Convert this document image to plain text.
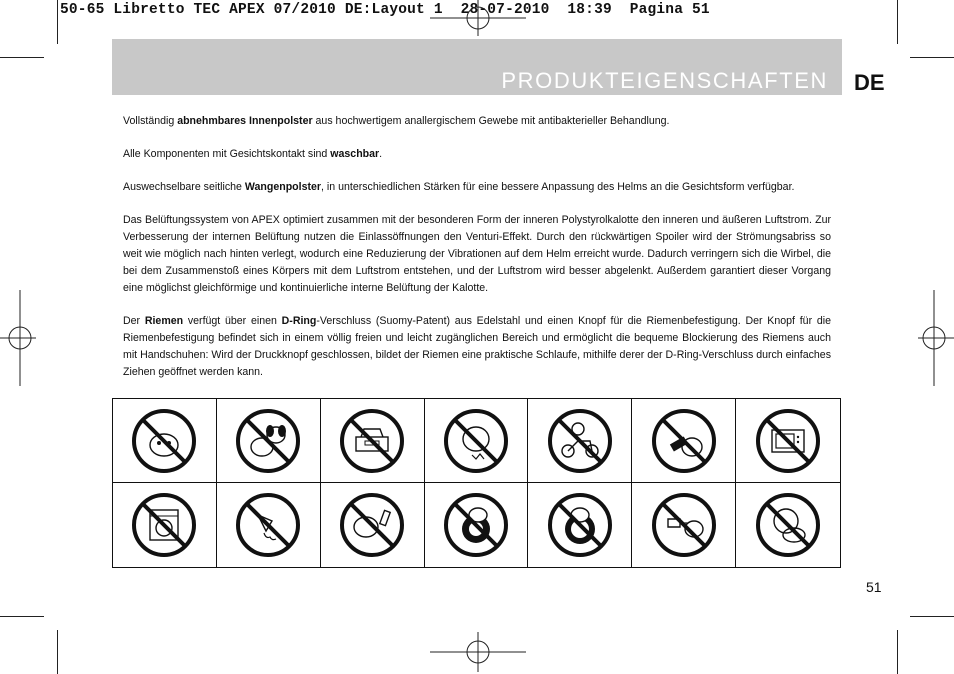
50-65 Libretto TEC APEX 07/2010 DE:Layout 1  28-07-2010  18:39  Pagina 51
PRODUKTEIGENSCHAFTEN DE

Vollständig abnehmbares Innenpolster aus hochwertigem anallergischem Gewebe mit antibakterieller Behandlung.

Alle Komponenten mit Gesichtskontakt sind waschbar.

Auswechselbare seitliche Wangenpolster, in unterschiedlichen Stärken für eine bessere Anpassung des Helms an die Gesichtsform verfügbar.

Das Belüftungssystem von APEX optimiert zusammen mit der besonderen Form der inneren Polystyrolkalotte den inneren und äußeren Luftstrom. Zur Verbesserung der internen Belüftung nutzen die Einlassöffnungen den Venturi-Effekt. Durch den rückwärtigen Spoiler wird der Strömungsabriss so weit wie möglich nach hinten verlegt, wodurch eine Reduzierung der Vibrationen auf dem Helm erreicht wurde. Dadurch verringern sich die Wirbel, die bei dem Zusammenstoß eines Körpers mit dem Luftstrom entstehen, und der Luftstrom wird besser abgelenkt. Außerdem garantiert dieser Vorgang eine möglichst gleichförmige und kontinuierliche interne Belüftung der Kalotte.

Der Riemen verfügt über einen D-Ring-Verschluss (Suomy-Patent) aus Edelstahl und einen Knopf für die Riemenbefestigung. Der Knopf für die Riemenbefestigung befindet sich in einem völlig freien und leicht zugänglichen Bereich und ermöglicht die bequeme Blockierung des Riemens auch mit Handschuhen: Wird der Druckknopf geschlossen, bildet der Riemen eine praktische Schlaufe, mithilfe derer der D-Ring-Verschluss durch einfaches Ziehen geöffnet werden kann.

51
